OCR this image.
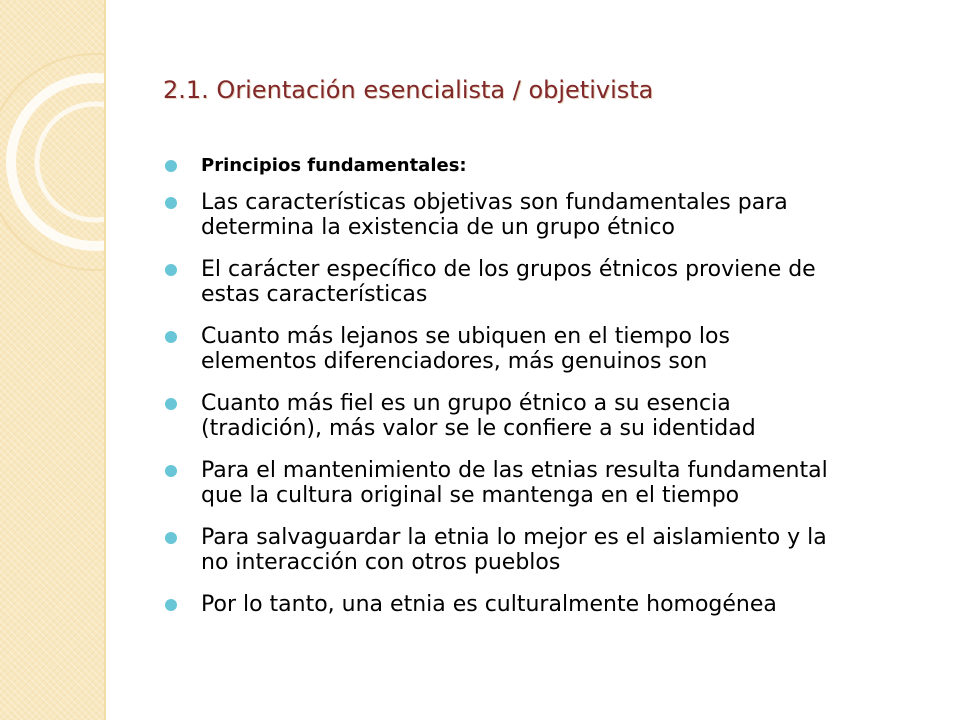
2.1. Orientación esencialista / objetivista
Principios fundamentales:
Las características objetivas son fundamentales para
determina la existencia de un grupo étnico
El carácter específico de los grupos étnicos proviene de
estas características
Cuanto más lejanos se ubiquen en el tiempo los
elementos diferenciadores, más genuinos son
Cuanto más fiel es un grupo étnico a su esencia
(tradición), más valor se le confiere a su identidad
Para el mantenimiento de las etnias resulta fundamental
que la cultura original se mantenga en el tiempo
Para salvaguardar la etnia lo mejor es el aislamiento y la
no interacción con otros pueblos
Por lo tanto, una etnia es culturalmente homogénea
